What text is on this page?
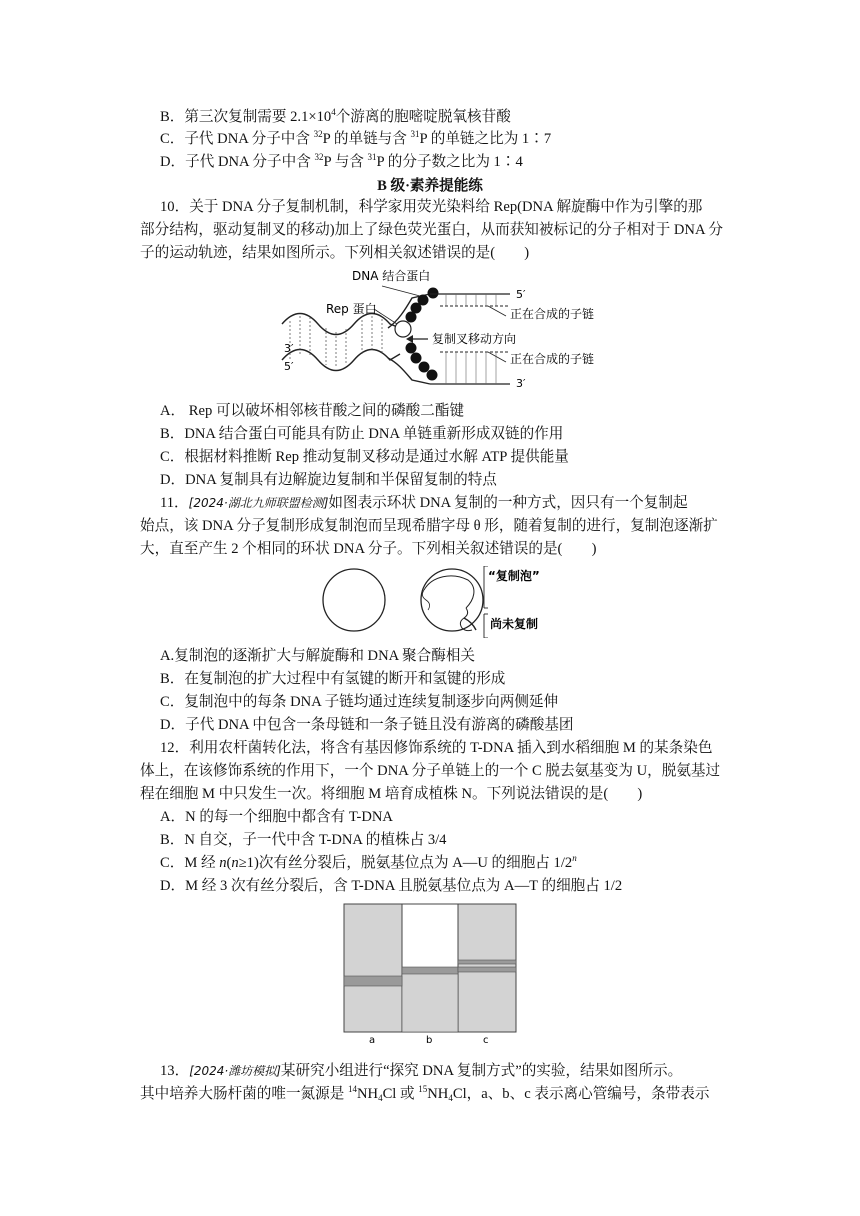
B．第三次复制需要 $2.1\times 10^4$个游离的胞嘧啶脱氧核苷酸
C．子代 DNA 分子中含 $^{32}$P 的单链与含 $^{31}$P 的单链之比为 1∶7
D．子代 DNA 分子中含 $^{32}$P 与含 $^{31}$P 的分子数之比为 1∶4
B 级·素养提能练
10．关于 DNA 分子复制机制，科学家用荧光染料给 Rep(DNA 解旋酶中作为引擎的那
部分结构，驱动复制叉的移动)加上了绿色荧光蛋白，从而获知被标记的分子相对于 DNA 分
子的运动轨迹，结果如图所示。下列相关叙述错误的是(　　)
DNA 结合蛋白
Rep 蛋白
5′
正在合成的子链
复制叉移动方向
3′
5′
正在合成的子链
3′
A． Rep 可以破坏相邻核苷酸之间的磷酸二酯键
B．DNA 结合蛋白可能具有防止 DNA 单链重新形成双链的作用
C．根据材料推断 Rep 推动复制叉移动是通过水解 ATP 提供能量
D．DNA 复制具有边解旋边复制和半保留复制的特点
11．[2024·湖北九师联盟检测]如图表示环状 DNA 复制的一种方式，因只有一个复制起
始点，该 DNA 分子复制形成复制泡而呈现希腊字母 θ 形，随着复制的进行，复制泡逐渐扩
大，直至产生 2 个相同的环状 DNA 分子。下列相关叙述错误的是(　　)
“复制泡”
尚未复制
A.复制泡的逐渐扩大与解旋酶和 DNA 聚合酶相关
B．在复制泡的扩大过程中有氢键的断开和氢键的形成
C．复制泡中的每条 DNA 子链均通过连续复制逐步向两侧延伸
D．子代 DNA 中包含一条母链和一条子链且没有游离的磷酸基团
12．利用农杆菌转化法，将含有基因修饰系统的 T-DNA 插入到水稻细胞 M 的某条染色
体上，在该修饰系统的作用下，一个 DNA 分子单链上的一个 C 脱去氨基变为 U，脱氨基过
程在细胞 M 中只发生一次。将细胞 M 培育成植株 N。下列说法错误的是(　　)
A．N 的每一个细胞中都含有 T-DNA
B．N 自交，子一代中含 T-DNA 的植株占 3/4
C．M 经 n(n≥1)次有丝分裂后，脱氨基位点为 A—U 的细胞占 1/2$^n$
D．M 经 3 次有丝分裂后，含 T-DNA 且脱氨基位点为 A—T 的细胞占 1/2
a	b	c
13．[2024·潍坊模拟]某研究小组进行“探究 DNA 复制方式”的实验，结果如图所示。
其中培养大肠杆菌的唯一氮源是 $^{14}NH_4Cl$ 或 $^{15}NH_4Cl$，a、b、c 表示离心管编号，条带表示
